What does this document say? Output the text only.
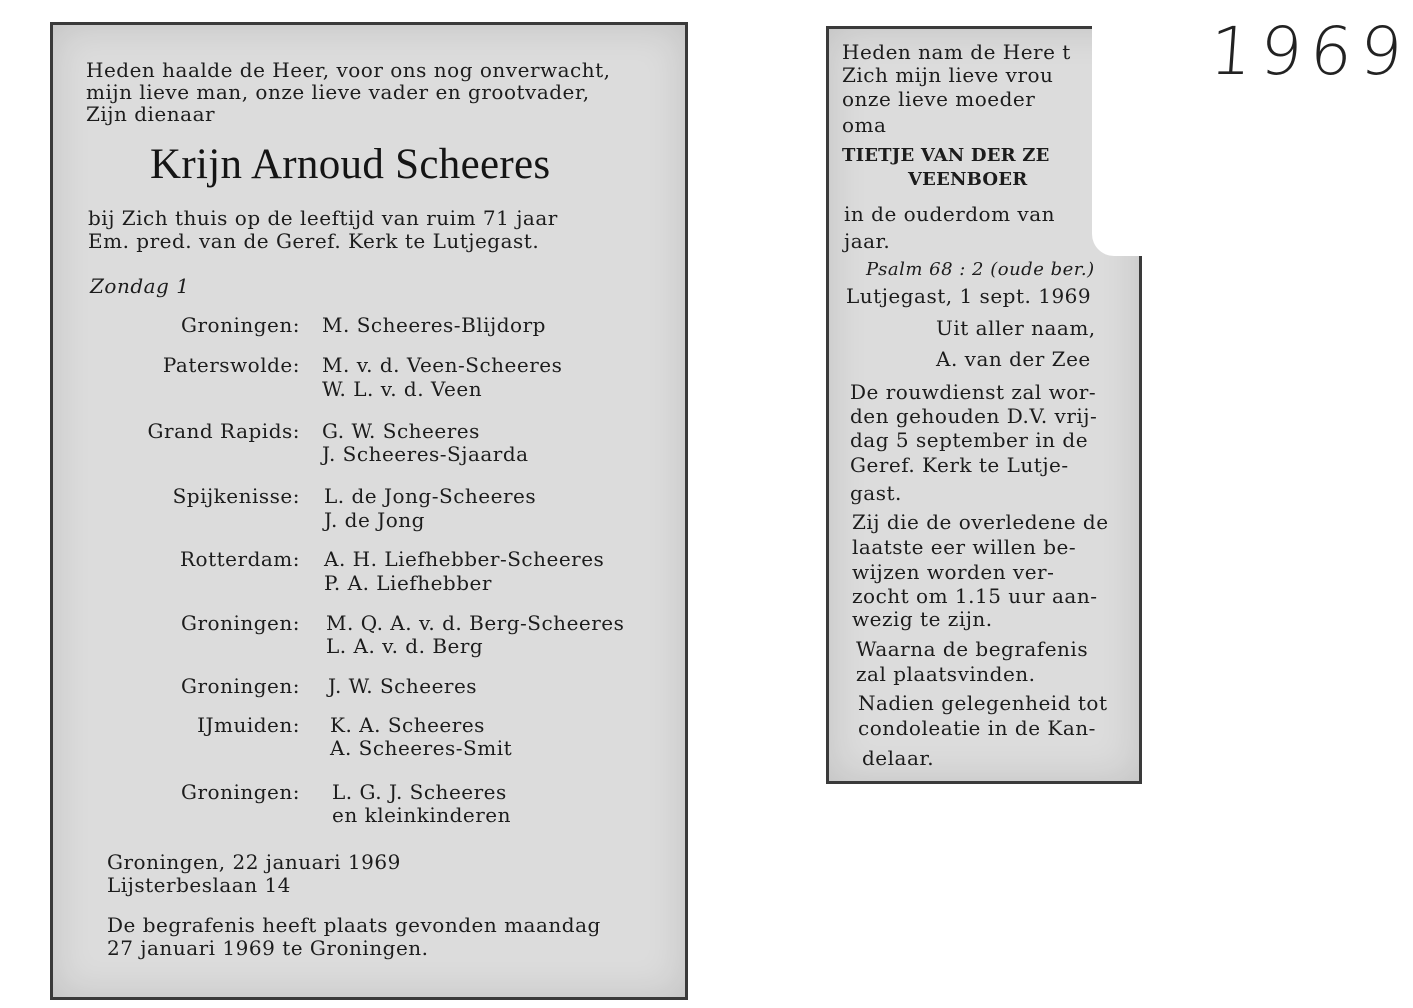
Heden haalde de Heer, voor ons nog onverwacht,
mijn lieve man, onze lieve vader en grootvader,
Zijn dienaar
Krijn Arnoud Scheeres
bij Zich thuis op de leeftijd van ruim 71 jaar
Em. pred. van de Geref. Kerk te Lutjegast.
Zondag 1
Groningen: M. Scheeres-Blijdorp
Paterswolde: M. v. d. Veen-Scheeres
W. L. v. d. Veen
Grand Rapids: G. W. Scheeres
J. Scheeres-Sjaarda
Spijkenisse: L. de Jong-Scheeres
J. de Jong
Rotterdam: A. H. Liefhebber-Scheeres
P. A. Liefhebber
Groningen: M. Q. A. v. d. Berg-Scheeres
L. A. v. d. Berg
Groningen: J. W. Scheeres
IJmuiden: K. A. Scheeres
A. Scheeres-Smit
Groningen: L. G. J. Scheeres
en kleinkinderen
Groningen, 22 januari 1969
Lijsterbeslaan 14
De begrafenis heeft plaats gevonden maandag
27 januari 1969 te Groningen.
Heden nam de Here t
Zich mijn lieve vrou
onze lieve moeder
oma
TIETJE VAN DER ZE
VEENBOER
in de ouderdom van
jaar.
Psalm 68 : 2 (oude ber.)
Lutjegast, 1 sept. 1969
Uit aller naam,
A. van der Zee
De rouwdienst zal wor-
den gehouden D.V. vrij-
dag 5 september in de
Geref. Kerk te Lutje-
gast.
Zij die de overledene de
laatste eer willen be-
wijzen worden ver-
zocht om 1.15 uur aan-
wezig te zijn.
Waarna de begrafenis
zal plaatsvinden.
Nadien gelegenheid tot
condoleatie in de Kan-
delaar.
1969
